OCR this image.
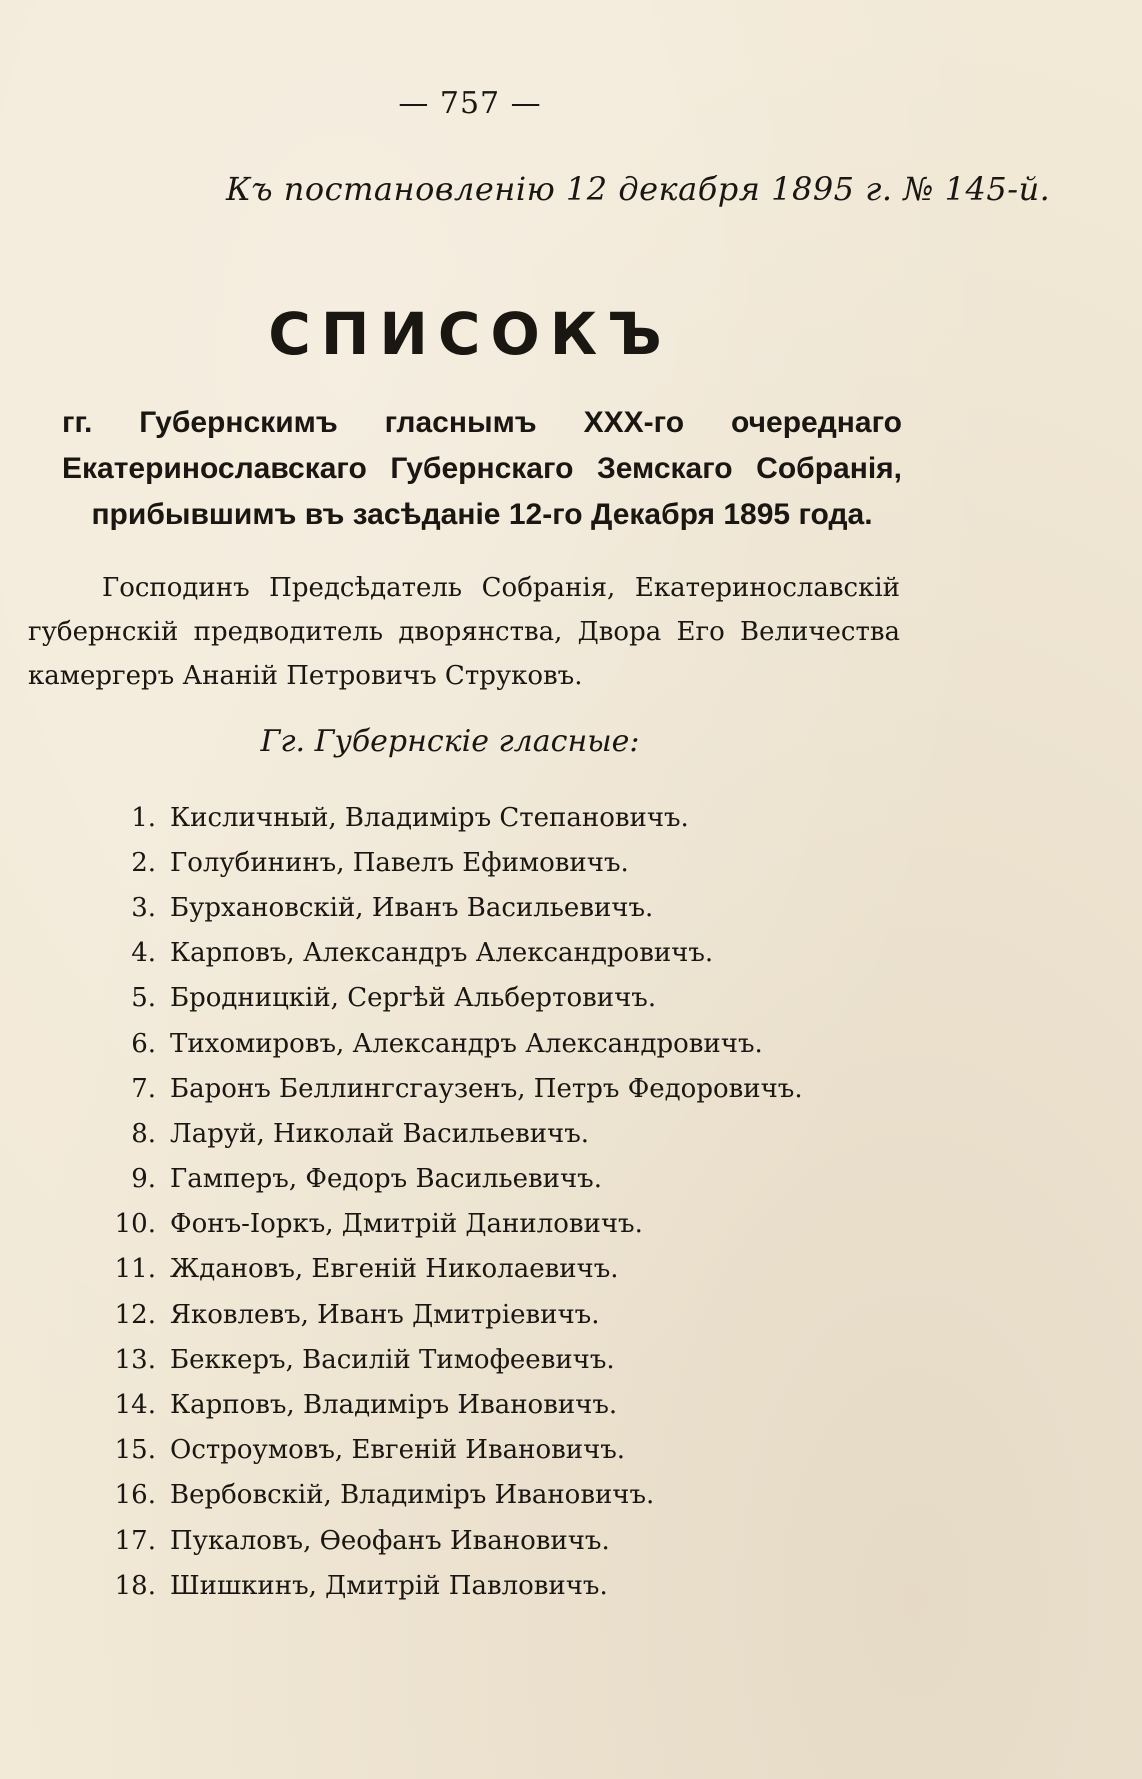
— 757 —
Къ постановленію 12 декабря 1895 г. № 145-й.
СПИСОКЪ
гг. Губернскимъ гласнымъ XXX-го очереднаго Екатеринославскаго Губернскаго Земскаго Собранія, прибывшимъ въ засѣданіе 12-го Декабря 1895 года.
Господинъ Предсѣдатель Собранія, Екатеринославскій губернскій предводитель дворянства, Двора Его Величества камергеръ Ананій Петровичъ Струковъ.
Гг. Губернскіе гласные:
1. Кисличный, Владиміръ Степановичъ.
2. Голубининъ, Павелъ Ефимовичъ.
3. Бурхановскій, Иванъ Васильевичъ.
4. Карповъ, Александръ Александровичъ.
5. Бродницкій, Сергѣй Альбертовичъ.
6. Тихомировъ, Александръ Александровичъ.
7. Баронъ Беллингсгаузенъ, Петръ Федоровичъ.
8. Ларуй, Николай Васильевичъ.
9. Гамперъ, Федоръ Васильевичъ.
10. Фонъ-Іоркъ, Дмитрій Даниловичъ.
11. Ждановъ, Евгеній Николаевичъ.
12. Яковлевъ, Иванъ Дмитріевичъ.
13. Беккеръ, Василій Тимофеевичъ.
14. Карповъ, Владиміръ Ивановичъ.
15. Остроумовъ, Евгеній Ивановичъ.
16. Вербовскій, Владиміръ Ивановичъ.
17. Пукаловъ, Ѳеофанъ Ивановичъ.
18. Шишкинъ, Дмитрій Павловичъ.
